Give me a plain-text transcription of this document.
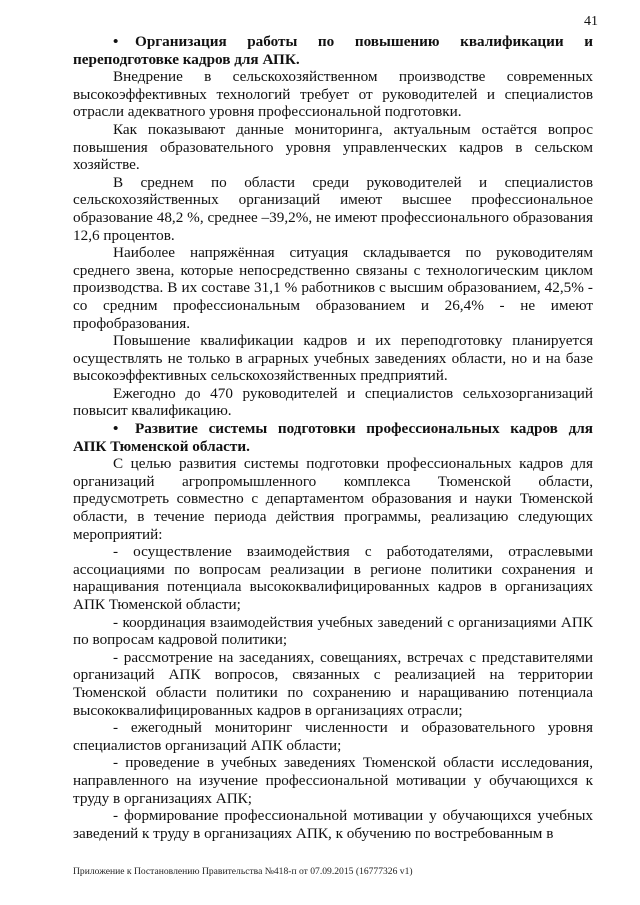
41

• Организация работы по повышению квалификации и переподготовке кадров для АПК.

Внедрение в сельскохозяйственном производстве современных высокоэффективных технологий требует от руководителей и специалистов отрасли адекватного уровня профессиональной подготовки.

Как показывают данные мониторинга, актуальным остаётся вопрос повышения образовательного уровня управленческих кадров в сельском хозяйстве.

В среднем по области среди руководителей и специалистов сельскохозяйственных организаций имеют высшее профессиональное образование 48,2 %, среднее –39,2%, не имеют профессионального образования 12,6 процентов.

Наиболее напряжённая ситуация складывается по руководителям среднего звена, которые непосредственно связаны с технологическим циклом производства. В их составе 31,1 % работников с высшим образованием, 42,5% - со средним профессиональным образованием и 26,4% - не имеют профобразования.

Повышение квалификации кадров и их переподготовку планируется осуществлять не только в аграрных учебных заведениях области, но и на базе высокоэффективных сельскохозяйственных предприятий.

Ежегодно до 470 руководителей и специалистов сельхозорганизаций повысит квалификацию.

• Развитие системы подготовки профессиональных кадров для АПК Тюменской области.

С целью развития системы подготовки профессиональных кадров для организаций агропромышленного комплекса Тюменской области, предусмотреть совместно с департаментом образования и науки Тюменской области, в течение периода действия программы, реализацию следующих мероприятий:

- осуществление взаимодействия с работодателями, отраслевыми ассоциациями по вопросам реализации в регионе политики сохранения и наращивания потенциала высококвалифицированных кадров в организациях АПК Тюменской области;

- координация взаимодействия учебных заведений с организациями АПК по вопросам кадровой политики;

- рассмотрение на заседаниях, совещаниях, встречах с представителями организаций АПК вопросов, связанных с реализацией на территории Тюменской области политики по сохранению и наращиванию потенциала высококвалифицированных кадров в организациях отрасли;

- ежегодный мониторинг численности и образовательного уровня специалистов организаций АПК области;

- проведение в учебных заведениях Тюменской области исследования, направленного на изучение профессиональной мотивации у обучающихся к труду в организациях АПК;

- формирование профессиональной мотивации у обучающихся учебных заведений к труду в организациях АПК, к обучению по востребованным в

Приложение к Постановлению Правительства №418-п от 07.09.2015 (16777326 v1)
